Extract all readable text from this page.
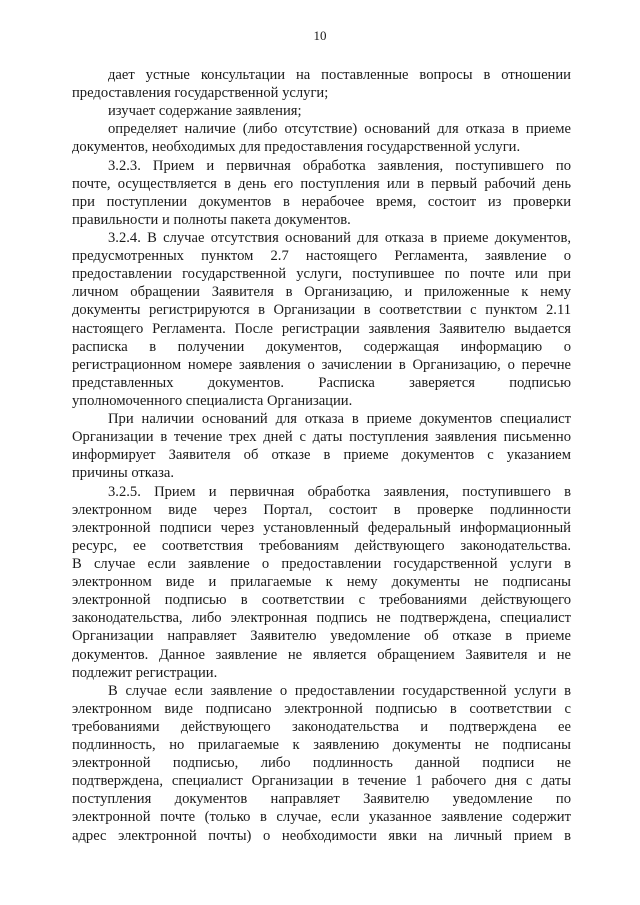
10
дает устные консультации на поставленные вопросы в отношении
предоставления государственной услуги;
изучает содержание заявления;
определяет наличие (либо отсутствие) оснований для отказа в приеме
документов, необходимых для предоставления государственной услуги.
3.2.3. Прием и первичная обработка заявления, поступившего по
почте, осуществляется в день его поступления или в первый рабочий день
при поступлении документов в нерабочее время, состоит из проверки
правильности и полноты пакета документов.
3.2.4. В случае отсутствия оснований для отказа в приеме документов,
предусмотренных пунктом 2.7 настоящего Регламента, заявление о
предоставлении государственной услуги, поступившее по почте или при
личном обращении Заявителя в Организацию, и приложенные к нему
документы регистрируются в Организации в соответствии с пунктом 2.11
настоящего Регламента. После регистрации заявления Заявителю выдается
расписка в получении документов, содержащая информацию о
регистрационном номере заявления о зачислении в Организацию, о перечне
представленных документов. Расписка заверяется подписью
уполномоченного специалиста Организации.
При наличии оснований для отказа в приеме документов специалист
Организации в течение трех дней с даты поступления заявления письменно
информирует Заявителя об отказе в приеме документов с указанием
причины отказа.
3.2.5. Прием и первичная обработка заявления, поступившего в
электронном виде через Портал, состоит в проверке подлинности
электронной подписи через установленный федеральный информационный
ресурс, ее соответствия требованиям действующего законодательства.
В случае если заявление о предоставлении государственной услуги в
электронном виде и прилагаемые к нему документы не подписаны
электронной подписью в соответствии с требованиями действующего
законодательства, либо электронная подпись не подтверждена, специалист
Организации направляет Заявителю уведомление об отказе в приеме
документов. Данное заявление не является обращением Заявителя и не
подлежит регистрации.
В случае если заявление о предоставлении государственной услуги в
электронном виде подписано электронной подписью в соответствии с
требованиями действующего законодательства и подтверждена ее
подлинность, но прилагаемые к заявлению документы не подписаны
электронной подписью, либо подлинность данной подписи не
подтверждена, специалист Организации в течение 1 рабочего дня с даты
поступления документов направляет Заявителю уведомление по
электронной почте (только в случае, если указанное заявление содержит
адрес электронной почты) о необходимости явки на личный прием в
